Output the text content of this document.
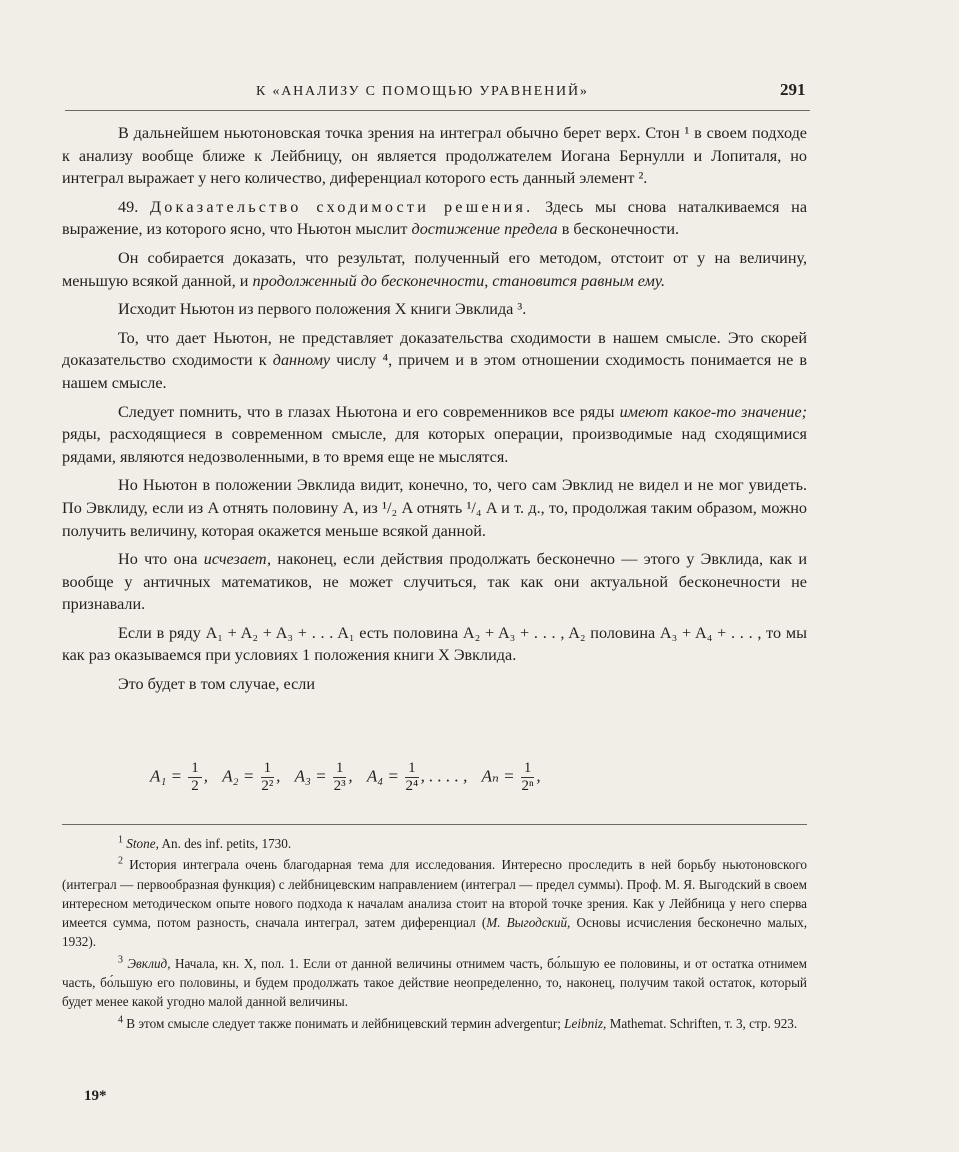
К «АНАЛИЗУ С ПОМОЩЬЮ УРАВНЕНИЙ»	291

В дальнейшем ньютоновская точка зрения на интеграл обычно берет верх. Стон ¹ в своем подходе к анализу вообще ближе к Лейбницу, он является продолжателем Иогана Бернулли и Лопиталя, но интеграл выражает у него количество, диференциал которого есть данный элемент ².

49. Доказательство сходимости решения. Здесь мы снова наталкиваемся на выражение, из которого ясно, что Ньютон мыслит достижение предела в бесконечности.

Он собирается доказать, что результат, полученный его методом, отстоит от y на величину, меньшую всякой данной, и продолженный до бесконечности, становится равным ему.

Исходит Ньютон из первого положения X книги Эвклида ³.

То, что дает Ньютон, не представляет доказательства сходимости в нашем смысле. Это скорей доказательство сходимости к данному числу ⁴, причем и в этом отношении сходимость понимается не в нашем смысле.

Следует помнить, что в глазах Ньютона и его современников все ряды имеют какое-то значение; ряды, расходящиеся в современном смысле, для которых операции, производимые над сходящимися рядами, являются недозволенными, в то время еще не мыслятся.

Но Ньютон в положении Эвклида видит, конечно, то, чего сам Эвклид не видел и не мог увидеть. По Эвклиду, если из A отнять половину A, из ¹/₂ A отнять ¹/₄ A и т. д., то, продолжая таким образом, можно получить величину, которая окажется меньше всякой данной.

Но что она исчезает, наконец, если действия продолжать бесконечно — этого у Эвклида, как и вообще у античных математиков, не может случиться, так как они актуальной бесконечности не признавали.

Если в ряду A₁ + A₂ + A₃ + . . . A₁ есть половина A₂ + A₃ + . . . , A₂ половина A₃ + A₄ + . . . , то мы как раз оказываемся при условиях 1 положения книги X Эвклида.

Это будет в том случае, если

$A_1 = \frac{1}{2}$ , $A_2 = \frac{1}{\text{2²}}$ , $A_3 = \frac{1}{\text{2³}}$ , $A_4 = \frac{1}{\text{2⁴}}$ , . . . . , $A_n = \frac{1}{\text{2ⁿ}}$ ,

$^1$ Stone, An. des inf. petits, 1730.

$^2$ История интеграла очень благодарная тема для исследования. Интересно проследить в ней борьбу ньютоновского (интеграл — первообразная функция) с лейбницевским направлением (интеграл — предел суммы). Проф. М. Я. Выгодский в своем интересном методическом опыте нового подхода к началам анализа стоит на второй точке зрения. Как у Лейбница у него сперва имеется сумма, потом разность, сначала интеграл, затем диференциал (М. Выгодский, Основы исчисления бесконечно малых, 1932).

$^3$ Эвклид, Начала, кн. X, пол. 1. Если от данной величины отнимем часть, бо́льшую ее половины, и от остатка отнимем часть, бо́льшую его половины, и будем продолжать такое действие неопределенно, то, наконец, получим такой остаток, который будет менее какой угодно малой данной величины.

$^4$ В этом смысле следует также понимать и лейбницевский термин advergentur; Leibniz, Mathemat. Schriften, т. 3, стр. 923.

19*
